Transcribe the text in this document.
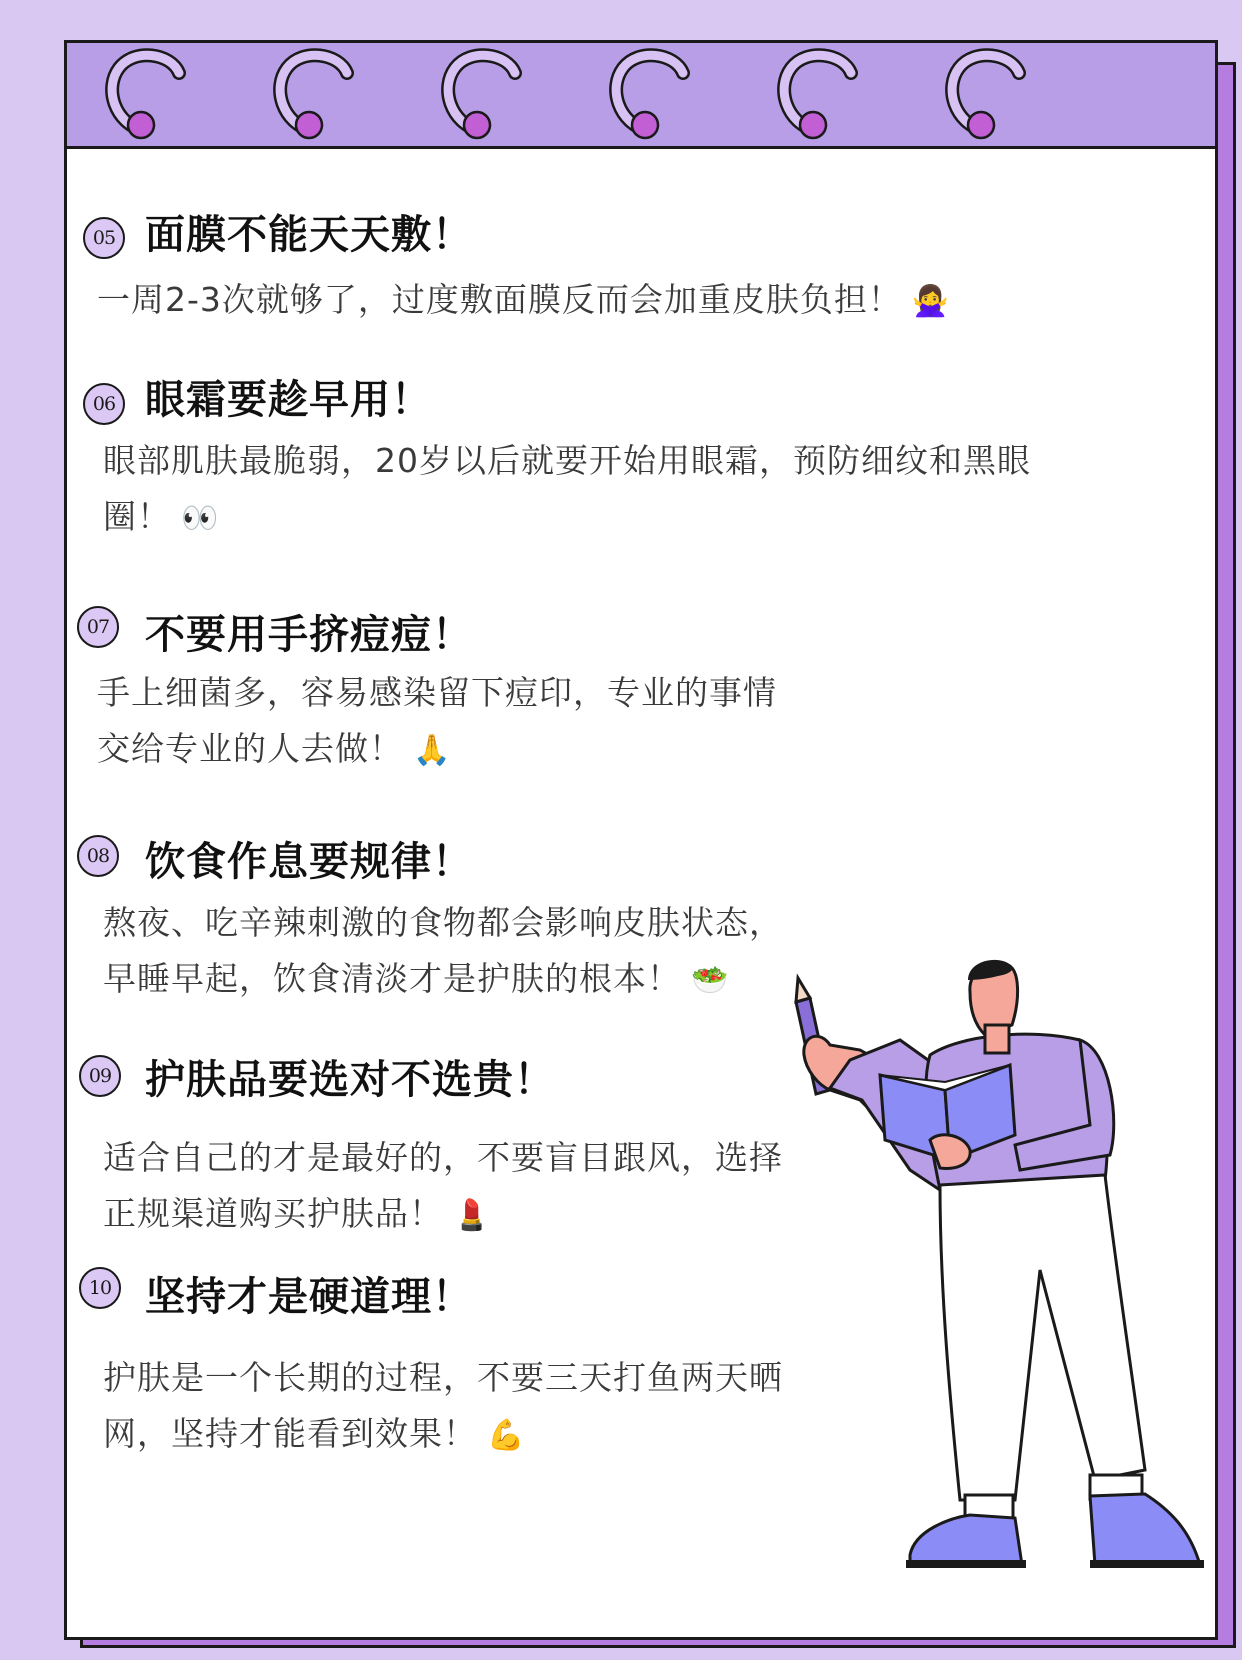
05 面膜不能天天敷！
一周2-3次就够了，过度敷面膜反而会加重皮肤负担！ 🙅‍♀️
06 眼霜要趁早用！
眼部肌肤最脆弱，20岁以后就要开始用眼霜，预防细纹和黑眼
圈！ 👀
07 不要用手挤痘痘！
手上细菌多，容易感染留下痘印，专业的事情
交给专业的人去做！ 🙏
08 饮食作息要规律！
熬夜、吃辛辣刺激的食物都会影响皮肤状态，
早睡早起，饮食清淡才是护肤的根本！ 🥗
09 护肤品要选对不选贵！
适合自己的才是最好的，不要盲目跟风，选择
正规渠道购买护肤品！ 💄
10 坚持才是硬道理！
护肤是一个长期的过程，不要三天打鱼两天晒
网，坚持才能看到效果！ 💪
@ 小红书
